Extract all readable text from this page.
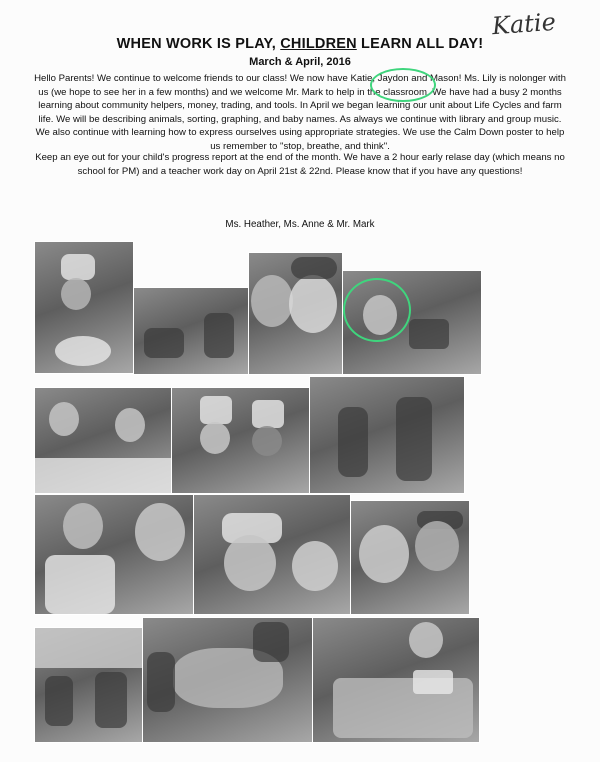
Katie
WHEN WORK IS PLAY, CHILDREN LEARN ALL DAY!
March & April, 2016
Hello Parents! We continue to welcome friends to our class! We now have Katie, Jaydon and Mason! Ms. Lily is nolonger with us (we hope to see her in a few months) and we welcome Mr. Mark to help in the classroom. We have had a busy 2 months learning about community helpers, money, trading, and tools. In April we began learning our unit about Life Cycles and farm life. We will be describing animals, sorting, graphing, and baby names. As always we continue with library and group music. We also continue with learning how to express ourselves using appropriate strategies. We use the Calm Down poster to help us remember to "stop, breathe, and think".
Keep an eye out for your child's progress report at the end of the month. We have a 2 hour early relase day (which means no school for PM) and a teacher work day on April 21st & 22nd. Please know that if you have any questions!
Ms. Heather, Ms. Anne & Mr. Mark
